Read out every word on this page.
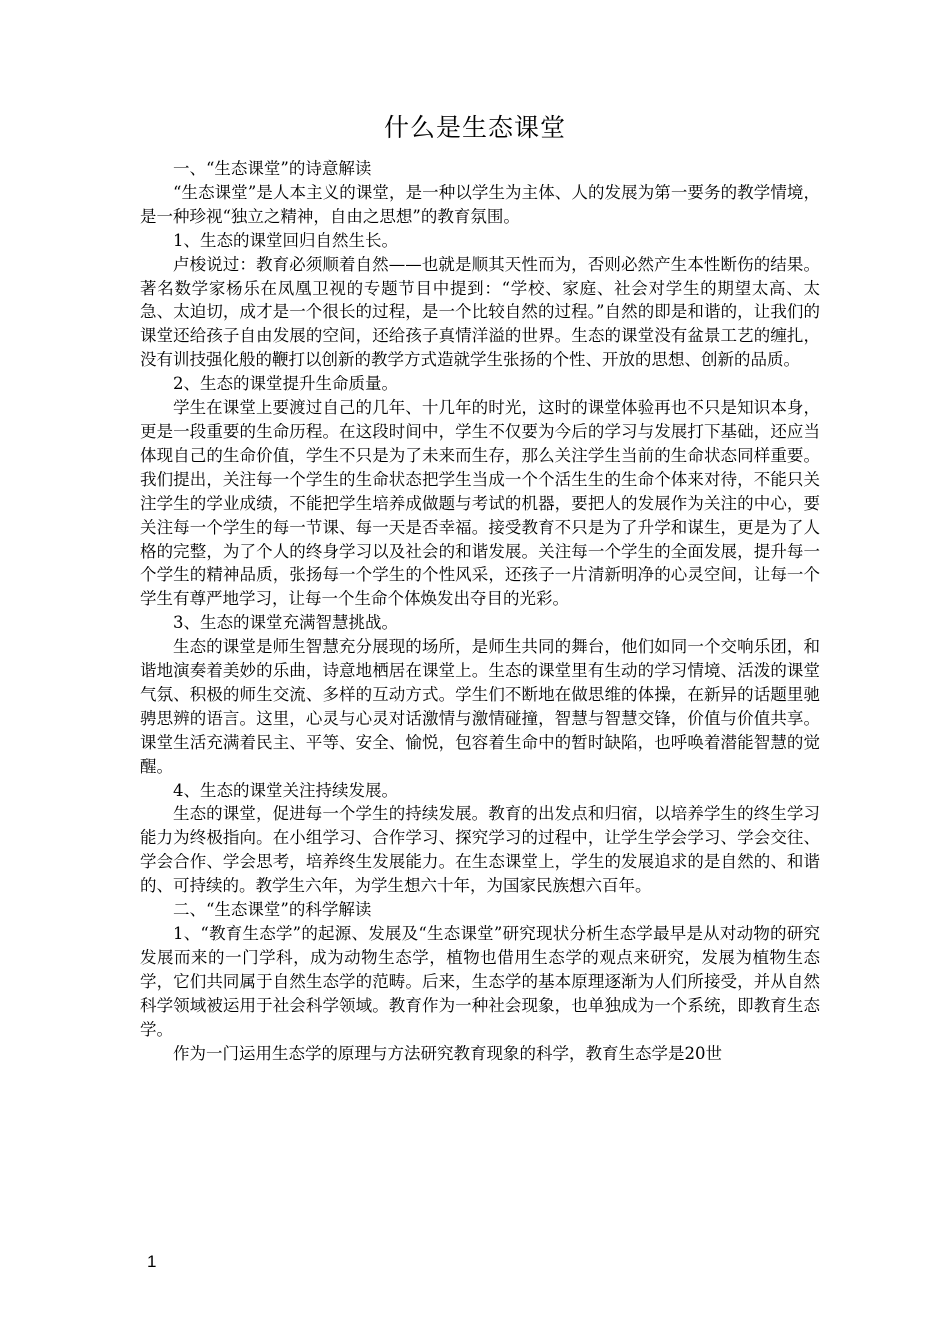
什么是生态课堂

一、“生态课堂”的诗意解读

“生态课堂”是人本主义的课堂，是一种以学生为主体、人的发展为第一要务的教学情境，是一种珍视“独立之精神，自由之思想”的教育氛围。

1、生态的课堂回归自然生长。

卢梭说过：教育必须顺着自然——也就是顺其天性而为，否则必然产生本性断伤的结果。著名数学家杨乐在凤凰卫视的专题节目中提到：“学校、家庭、社会对学生的期望太高、太急、太迫切，成才是一个很长的过程，是一个比较自然的过程。”自然的即是和谐的，让我们的课堂还给孩子自由发展的空间，还给孩子真情洋溢的世界。生态的课堂没有盆景工艺的缠扎，没有训技强化般的鞭打以创新的教学方式造就学生张扬的个性、开放的思想、创新的品质。

2、生态的课堂提升生命质量。

学生在课堂上要渡过自己的几年、十几年的时光，这时的课堂体验再也不只是知识本身，更是一段重要的生命历程。在这段时间中，学生不仅要为今后的学习与发展打下基础，还应当体现自己的生命价值，学生不只是为了未来而生存，那么关注学生当前的生命状态同样重要。我们提出，关注每一个学生的生命状态把学生当成一个个活生生的生命个体来对待，不能只关注学生的学业成绩，不能把学生培养成做题与考试的机器，要把人的发展作为关注的中心，要关注每一个学生的每一节课、每一天是否幸福。接受教育不只是为了升学和谋生，更是为了人格的完整，为了个人的终身学习以及社会的和谐发展。关注每一个学生的全面发展，提升每一个学生的精神品质，张扬每一个学生的个性风采，还孩子一片清新明净的心灵空间，让每一个学生有尊严地学习，让每一个生命个体焕发出夺目的光彩。

3、生态的课堂充满智慧挑战。

生态的课堂是师生智慧充分展现的场所，是师生共同的舞台，他们如同一个交响乐团，和谐地演奏着美妙的乐曲，诗意地栖居在课堂上。生态的课堂里有生动的学习情境、活泼的课堂气氛、积极的师生交流、多样的互动方式。学生们不断地在做思维的体操，在新异的话题里驰骋思辨的语言。这里，心灵与心灵对话激情与激情碰撞，智慧与智慧交锋，价值与价值共享。课堂生活充满着民主、平等、安全、愉悦，包容着生命中的暂时缺陷，也呼唤着潜能智慧的觉醒。

4、生态的课堂关注持续发展。

生态的课堂，促进每一个学生的持续发展。教育的出发点和归宿，以培养学生的终生学习能力为终极指向。在小组学习、合作学习、探究学习的过程中，让学生学会学习、学会交往、学会合作、学会思考，培养终生发展能力。在生态课堂上，学生的发展追求的是自然的、和谐的、可持续的。教学生六年，为学生想六十年，为国家民族想六百年。

二、“生态课堂”的科学解读

1、“教育生态学”的起源、发展及“生态课堂”研究现状分析生态学最早是从对动物的研究发展而来的一门学科，成为动物生态学，植物也借用生态学的观点来研究，发展为植物生态学，它们共同属于自然生态学的范畴。后来，生态学的基本原理逐渐为人们所接受，并从自然科学领域被运用于社会科学领域。教育作为一种社会现象，也单独成为一个系统，即教育生态学。

作为一门运用生态学的原理与方法研究教育现象的科学，教育生态学是20世

1
